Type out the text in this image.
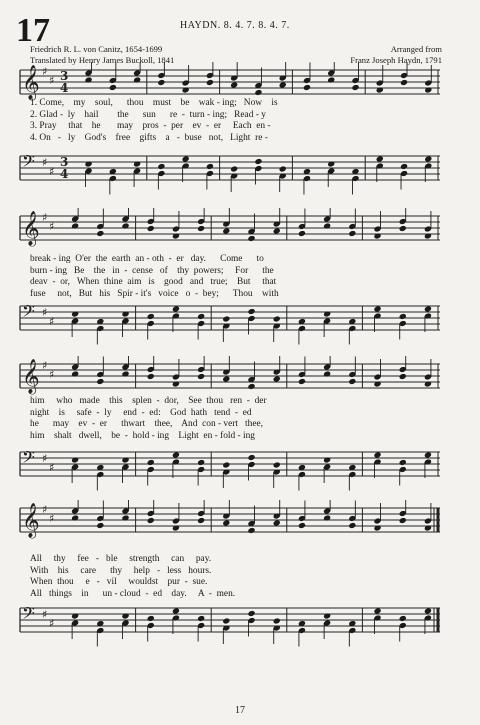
17	HAYDN. 8. 4. 7. 8. 4. 7.
Friedrich R. L. von Canitz, 1654-1699
Translated by Henry James Buckoll, 1841
Arranged from
Franz Joseph Haydn, 1791
𝄞 ♯
♯ 3
4
1. Come,    my    soul,      thou    must    be    wak - ing;   Now    is
2. Glad -  ly    hail        the      sun      re  -  turn - ing;   Read - y
3. Pray     that    he       may    pros  -  per    ev  -  er     Each  en -
4. On   -   ly    God's    free    gifts    a   -  buse   not,   Light  re -
𝄢 ♯
♯
3
4
𝄞 ♯
♯
break - ing  O'er  the  earth  an - oth  -  er   day.      Come      to
burn - ing   Be    the   in  -  cense   of    thy  powers;     For      the
deav  -  or,   When  thine  aim   is    good   and   true;    But     that
fuse     not,   But   his   Spir - it's   voice   o  -  bey;      Thou    with
𝄢 ♯
♯
𝄞 ♯
♯
him     who   made    this    splen  -  dor,    See  thou   ren  -  der
night    is     safe  -  ly     end  -  ed:    God  hath   tend  -  ed
he      may    ev  -  er      thwart    thee,    And  con - vert   thee,
him    shalt   dwell,    be  -  hold - ing    Light  en - fold - ing
𝄢 ♯
♯
𝄞 ♯
♯
All     thy     fee   -   ble     strength     can     pay.
With    his     care      thy     help   -   less   hours.
When  thou     e   -   vil     wouldst    pur  -  sue.
All   things    in      un - cloud  -  ed    day.     A  -  men.
𝄢 ♯
♯
17
